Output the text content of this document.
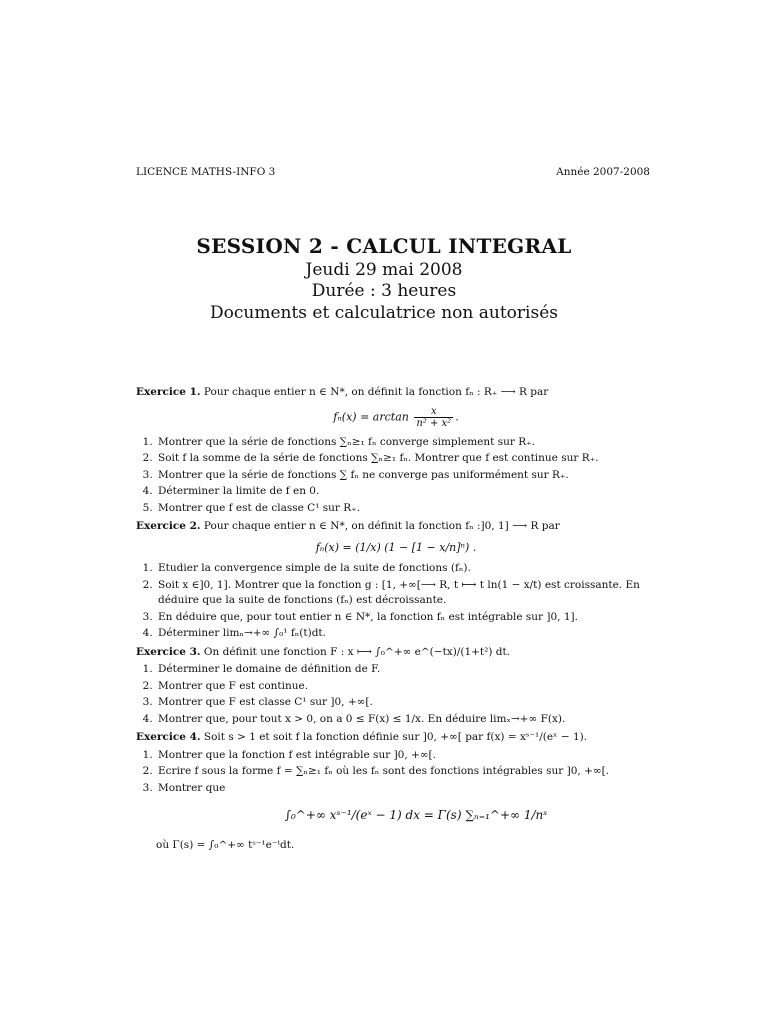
LICENCE MATHS-INFO 3	Année 2007-2008
SESSION 2 - CALCUL INTEGRAL
Jeudi 29 mai 2008
Durée : 3 heures
Documents et calculatrice non autorisés
Exercice 1. Pour chaque entier n ∈ N*, on définit la fonction fₙ : R₊ ⟶ R par
$f_n(x) = \arctan \frac{x}{\text{n² + x²}}$ .
1. Montrer que la série de fonctions ∑ₙ≥₁ fₙ converge simplement sur R₊.
2. Soit f la somme de la série de fonctions ∑ₙ≥₁ fₙ. Montrer que f est continue sur R₊.
3. Montrer que la série de fonctions ∑ fₙ ne converge pas uniformément sur R₊.
4. Déterminer la limite de f en 0.
5. Montrer que f est de classe C¹ sur R₊.
Exercice 2. Pour chaque entier n ∈ N*, on définit la fonction fₙ :]0, 1] ⟶ R par
fₙ(x) = (1/x) (1 − [1 − x/n]ⁿ) .
1. Etudier la convergence simple de la suite de fonctions (fₙ).
2. Soit x ∈]0, 1]. Montrer que la fonction g : [1, +∞[⟶ R, t ⟼ t ln(1 − x/t) est croissante. En déduire que la suite de fonctions (fₙ) est décroissante.
3. En déduire que, pour tout entier n ∈ N*, la fonction fₙ est intégrable sur ]0, 1].
4. Déterminer limₙ→+∞ ∫₀¹ fₙ(t)dt.
Exercice 3. On définit une fonction F : x ⟼ ∫₀^+∞ e^(−tx)/(1+t²) dt.
1. Déterminer le domaine de définition de F.
2. Montrer que F est continue.
3. Montrer que F est classe C¹ sur ]0, +∞[.
4. Montrer que, pour tout x > 0, on a 0 ≤ F(x) ≤ 1/x. En déduire limₓ→+∞ F(x).
Exercice 4. Soit s > 1 et soit f la fonction définie sur ]0, +∞[ par f(x) = xˢ⁻¹/(eˣ − 1).
1. Montrer que la fonction f est intégrable sur ]0, +∞[.
2. Ecrire f sous la forme f = ∑ₙ≥₁ fₙ où les fₙ sont des fonctions intégrables sur ]0, +∞[.
3. Montrer que
∫₀^+∞ xˢ⁻¹/(eˣ − 1) dx = Γ(s) ∑ₙ₌₁^+∞ 1/nˢ
où Γ(s) = ∫₀^+∞ tˢ⁻¹e⁻ᵗdt.
